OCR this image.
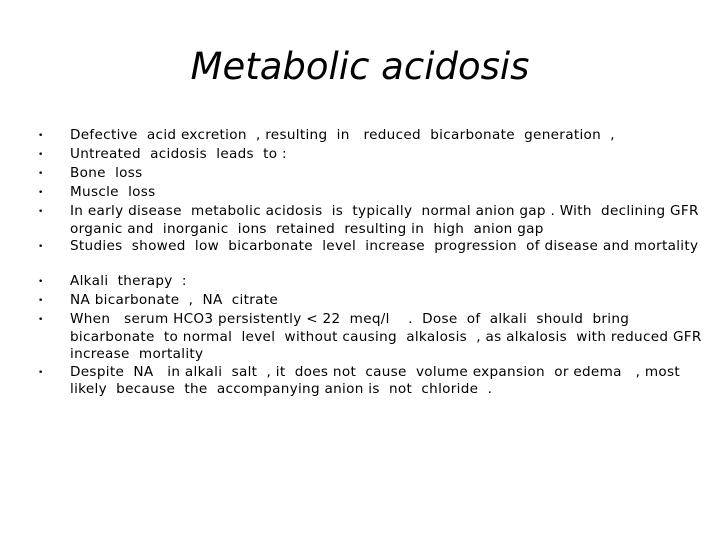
Metabolic acidosis
•	Defective  acid excretion  , resulting  in   reduced  bicarbonate  generation  ,
•	Untreated  acidosis  leads  to :
•	Bone  loss
•	Muscle  loss
•	In early disease  metabolic acidosis  is  typically  normal anion gap . With  declining GFR   organic and  inorganic  ions  retained  resulting in  high  anion gap
•	Studies  showed  low  bicarbonate  level  increase  progression  of disease and mortality
•	Alkali  therapy  :
•	NA bicarbonate  ,  NA  citrate
•	When   serum HCO3 persistently < 22  meq/l    .  Dose  of  alkali  should  bring bicarbonate  to normal  level  without causing  alkalosis  , as alkalosis  with reduced GFR    increase  mortality
•	Despite  NA   in alkali  salt  , it  does not  cause  volume expansion  or edema   , most likely  because  the  accompanying anion is  not  chloride  .
